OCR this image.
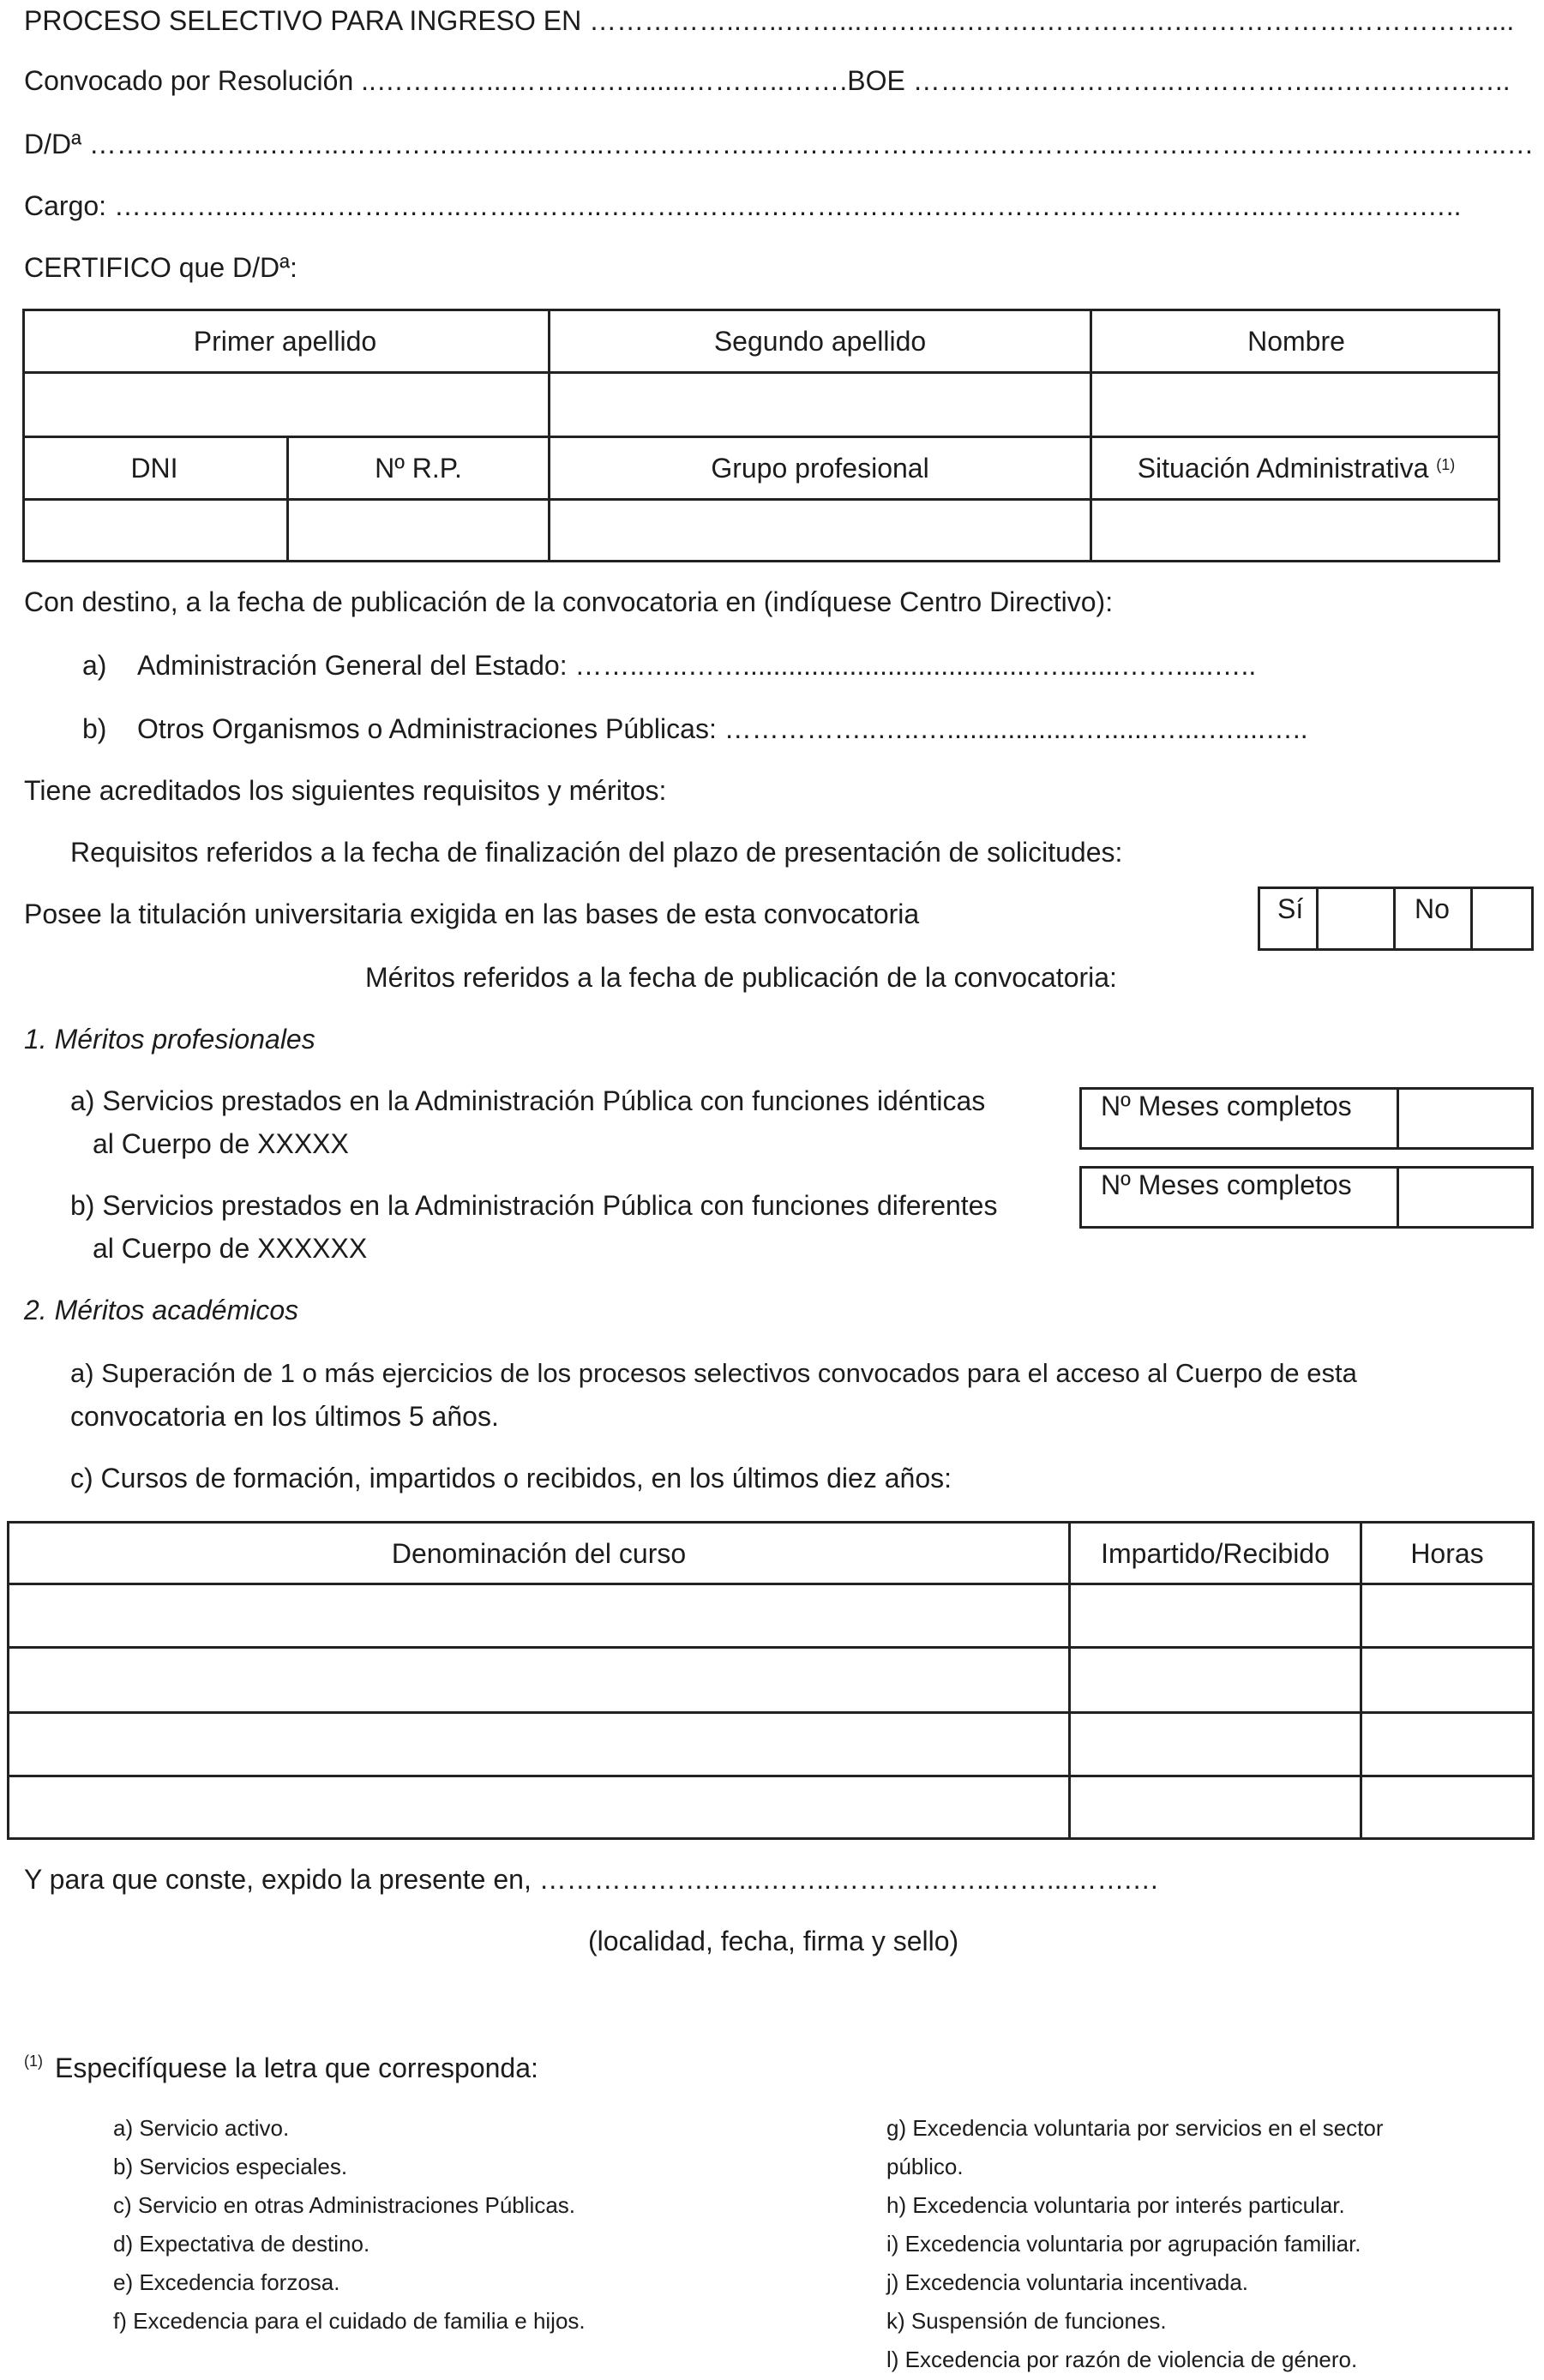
PROCESO SELECTIVO PARA INGRESO EN ……………..…..……...……...….…….…………….……………………………....
Convocado por Resolución ..…………...…….….….......………..…….BOE ………………………..……………...…….….….…..
D/Dª ………………..……..…………..……..……..……….……..……….……….………………..……..……………..……….……..…
Cargo: …………..……..……………..……..……..……….……..……….……….………………………….…..……….…….…..
CERTIFICO que D/Dª:
Primer apellido	Segundo apellido	Nombre
DNI	Nº R.P.	Grupo profesional	Situación Administrativa
$^{(1)}$
Con destino, a la fecha de publicación de la convocatoria en (indíquese Centro Directivo):
a) Administración General del Estado: ……..…..……......................................…........…….....…..
b) Otros Organismos o Administraciones Públicas: ……………..…..….................…......…....…....…..
Tiene acreditados los siguientes requisitos y méritos:
Requisitos referidos a la fecha de finalización del plazo de presentación de solicitudes:
Posee la titulación universitaria exigida en las bases de esta convocatoria	Sí	No
Méritos referidos a la fecha de publicación de la convocatoria:
1. Méritos profesionales
a) Servicios prestados en la Administración Pública con funciones idénticas
al Cuerpo de XXXXX
b) Servicios prestados en la Administración Pública con funciones diferentes
al Cuerpo de XXXXXX
Nº Meses completos
Nº Meses completos
2. Méritos académicos
a) Superación de 1 o más ejercicios de los procesos selectivos convocados para el acceso al Cuerpo de esta
convocatoria en los últimos 5 años.
c) Cursos de formación, impartidos o recibidos, en los últimos diez años:
Denominación del curso	Impartido/Recibido	Horas
Y para que conste, expido la presente en, ……………….…...……..……….……..……...…….…
(localidad, fecha, firma y sello)
(1) Especifíquese la letra que corresponda:
a) Servicio activo.
b) Servicios especiales.
c) Servicio en otras Administraciones Públicas.
d) Expectativa de destino.
e) Excedencia forzosa.
f) Excedencia para el cuidado de familia e hijos.
g) Excedencia voluntaria por servicios en el sector
público.
h) Excedencia voluntaria por interés particular.
i) Excedencia voluntaria por agrupación familiar.
j) Excedencia voluntaria incentivada.
k) Suspensión de funciones.
l) Excedencia por razón de violencia de género.
